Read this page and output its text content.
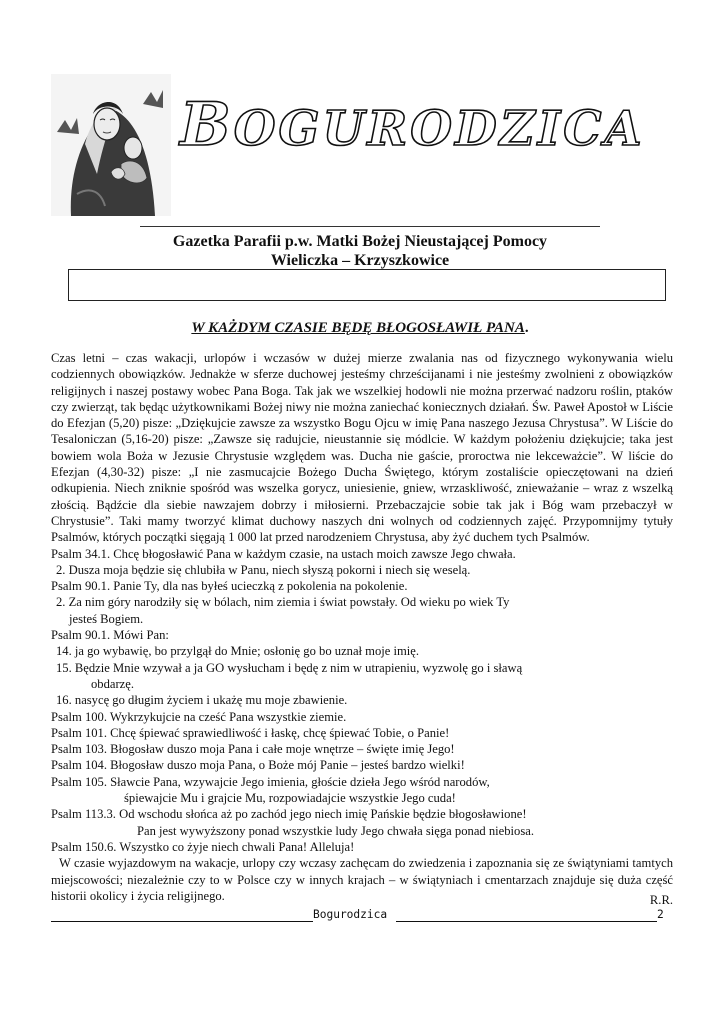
BOGURODZICA
Gazetka Parafii p.w. Matki Bożej Nieustającej Pomocy
Wieliczka – Krzyszkowice
W KAŻDYM CZASIE BĘDĘ BŁOGOSŁAWIŁ PANA.

Czas letni – czas wakacji, urlopów i wczasów w dużej mierze zwalania nas od fizycznego wykonywania wielu codziennych obowiązków. Jednakże w sferze duchowej jesteśmy chrześcijanami i nie jesteśmy zwolnieni z obowiązków religijnych i naszej postawy wobec Pana Boga. Tak jak we wszelkiej hodowli nie można przerwać nadzoru roślin, ptaków czy zwierząt, tak będąc użytkownikami Bożej niwy nie można zaniechać koniecznych działań. Św. Paweł Apostoł w Liście do Efezjan (5,20) pisze: „Dziękujcie zawsze za wszystko Bogu Ojcu w imię Pana naszego Jezusa Chrystusa”. W Liście do Tesaloniczan (5,16-20) pisze: „Zawsze się radujcie, nieustannie się módlcie. W każdym położeniu dziękujcie; taka jest bowiem wola Boża w Jezusie Chrystusie względem was. Ducha nie gaście, proroctwa nie lekceważcie”. W liście do Efezjan (4,30-32) pisze: „I nie zasmucajcie Bożego Ducha Świętego, którym zostaliście opieczętowani na dzień odkupienia. Niech zniknie spośród was wszelka gorycz, uniesienie, gniew, wrzaskliwość, znieważanie – wraz z wszelką złością. Bądźcie dla siebie nawzajem dobrzy i miłosierni. Przebaczajcie sobie tak jak i Bóg wam przebaczył w Chrystusie”. Taki mamy tworzyć klimat duchowy naszych dni wolnych od codziennych zajęć. Przypomnijmy tytuły Psalmów, których początki sięgają 1 000 lat przed narodzeniem Chrystusa, aby żyć duchem tych Psalmów.

Psalm 34.1. Chcę błogosławić Pana w każdym czasie, na ustach moich zawsze Jego chwała.

2. Dusza moja będzie się chlubiła w Panu, niech słyszą pokorni i niech się weselą.

Psalm 90.1. Panie Ty, dla nas byłeś ucieczką z pokolenia na pokolenie.

2. Za nim góry narodziły się w bólach, nim ziemia i świat powstały. Od wieku po wiek Ty

jesteś Bogiem.

Psalm 90.1. Mówi Pan:

14. ja go wybawię, bo przylgął do Mnie; osłonię go bo uznał moje imię.

15. Będzie Mnie wzywał a ja GO wysłucham i będę z nim w utrapieniu, wyzwolę go i sławą

obdarzę.

16. nasycę go długim życiem i ukażę mu moje zbawienie.

Psalm 100. Wykrzykujcie na cześć Pana wszystkie ziemie.

Psalm 101. Chcę śpiewać sprawiedliwość i łaskę, chcę śpiewać Tobie, o Panie!

Psalm 103. Błogosław duszo moja Pana i całe moje wnętrze – święte imię Jego!

Psalm 104. Błogosław duszo moja Pana, o Boże mój Panie – jesteś bardzo wielki!

Psalm 105. Sławcie Pana, wzywajcie Jego imienia, głoście dzieła Jego wśród narodów,

śpiewajcie Mu i grajcie Mu, rozpowiadajcie wszystkie Jego cuda!

Psalm 113.3. Od wschodu słońca aż po zachód jego niech imię Pańskie będzie błogosławione!

Pan jest wywyższony ponad wszystkie ludy Jego chwała sięga ponad niebiosa.

Psalm 150.6. Wszystko co żyje niech chwali Pana! Alleluja!

W czasie wyjazdowym na wakacje, urlopy czy wczasy zachęcam do zwiedzenia i zapoznania się ze świątyniami tamtych miejscowości; niezależnie czy to w Polsce czy w innych krajach – w świątyniach i cmentarzach znajduje się duża część historii okolicy i życia religijnego.	R.R.
Bogurodzica	2
